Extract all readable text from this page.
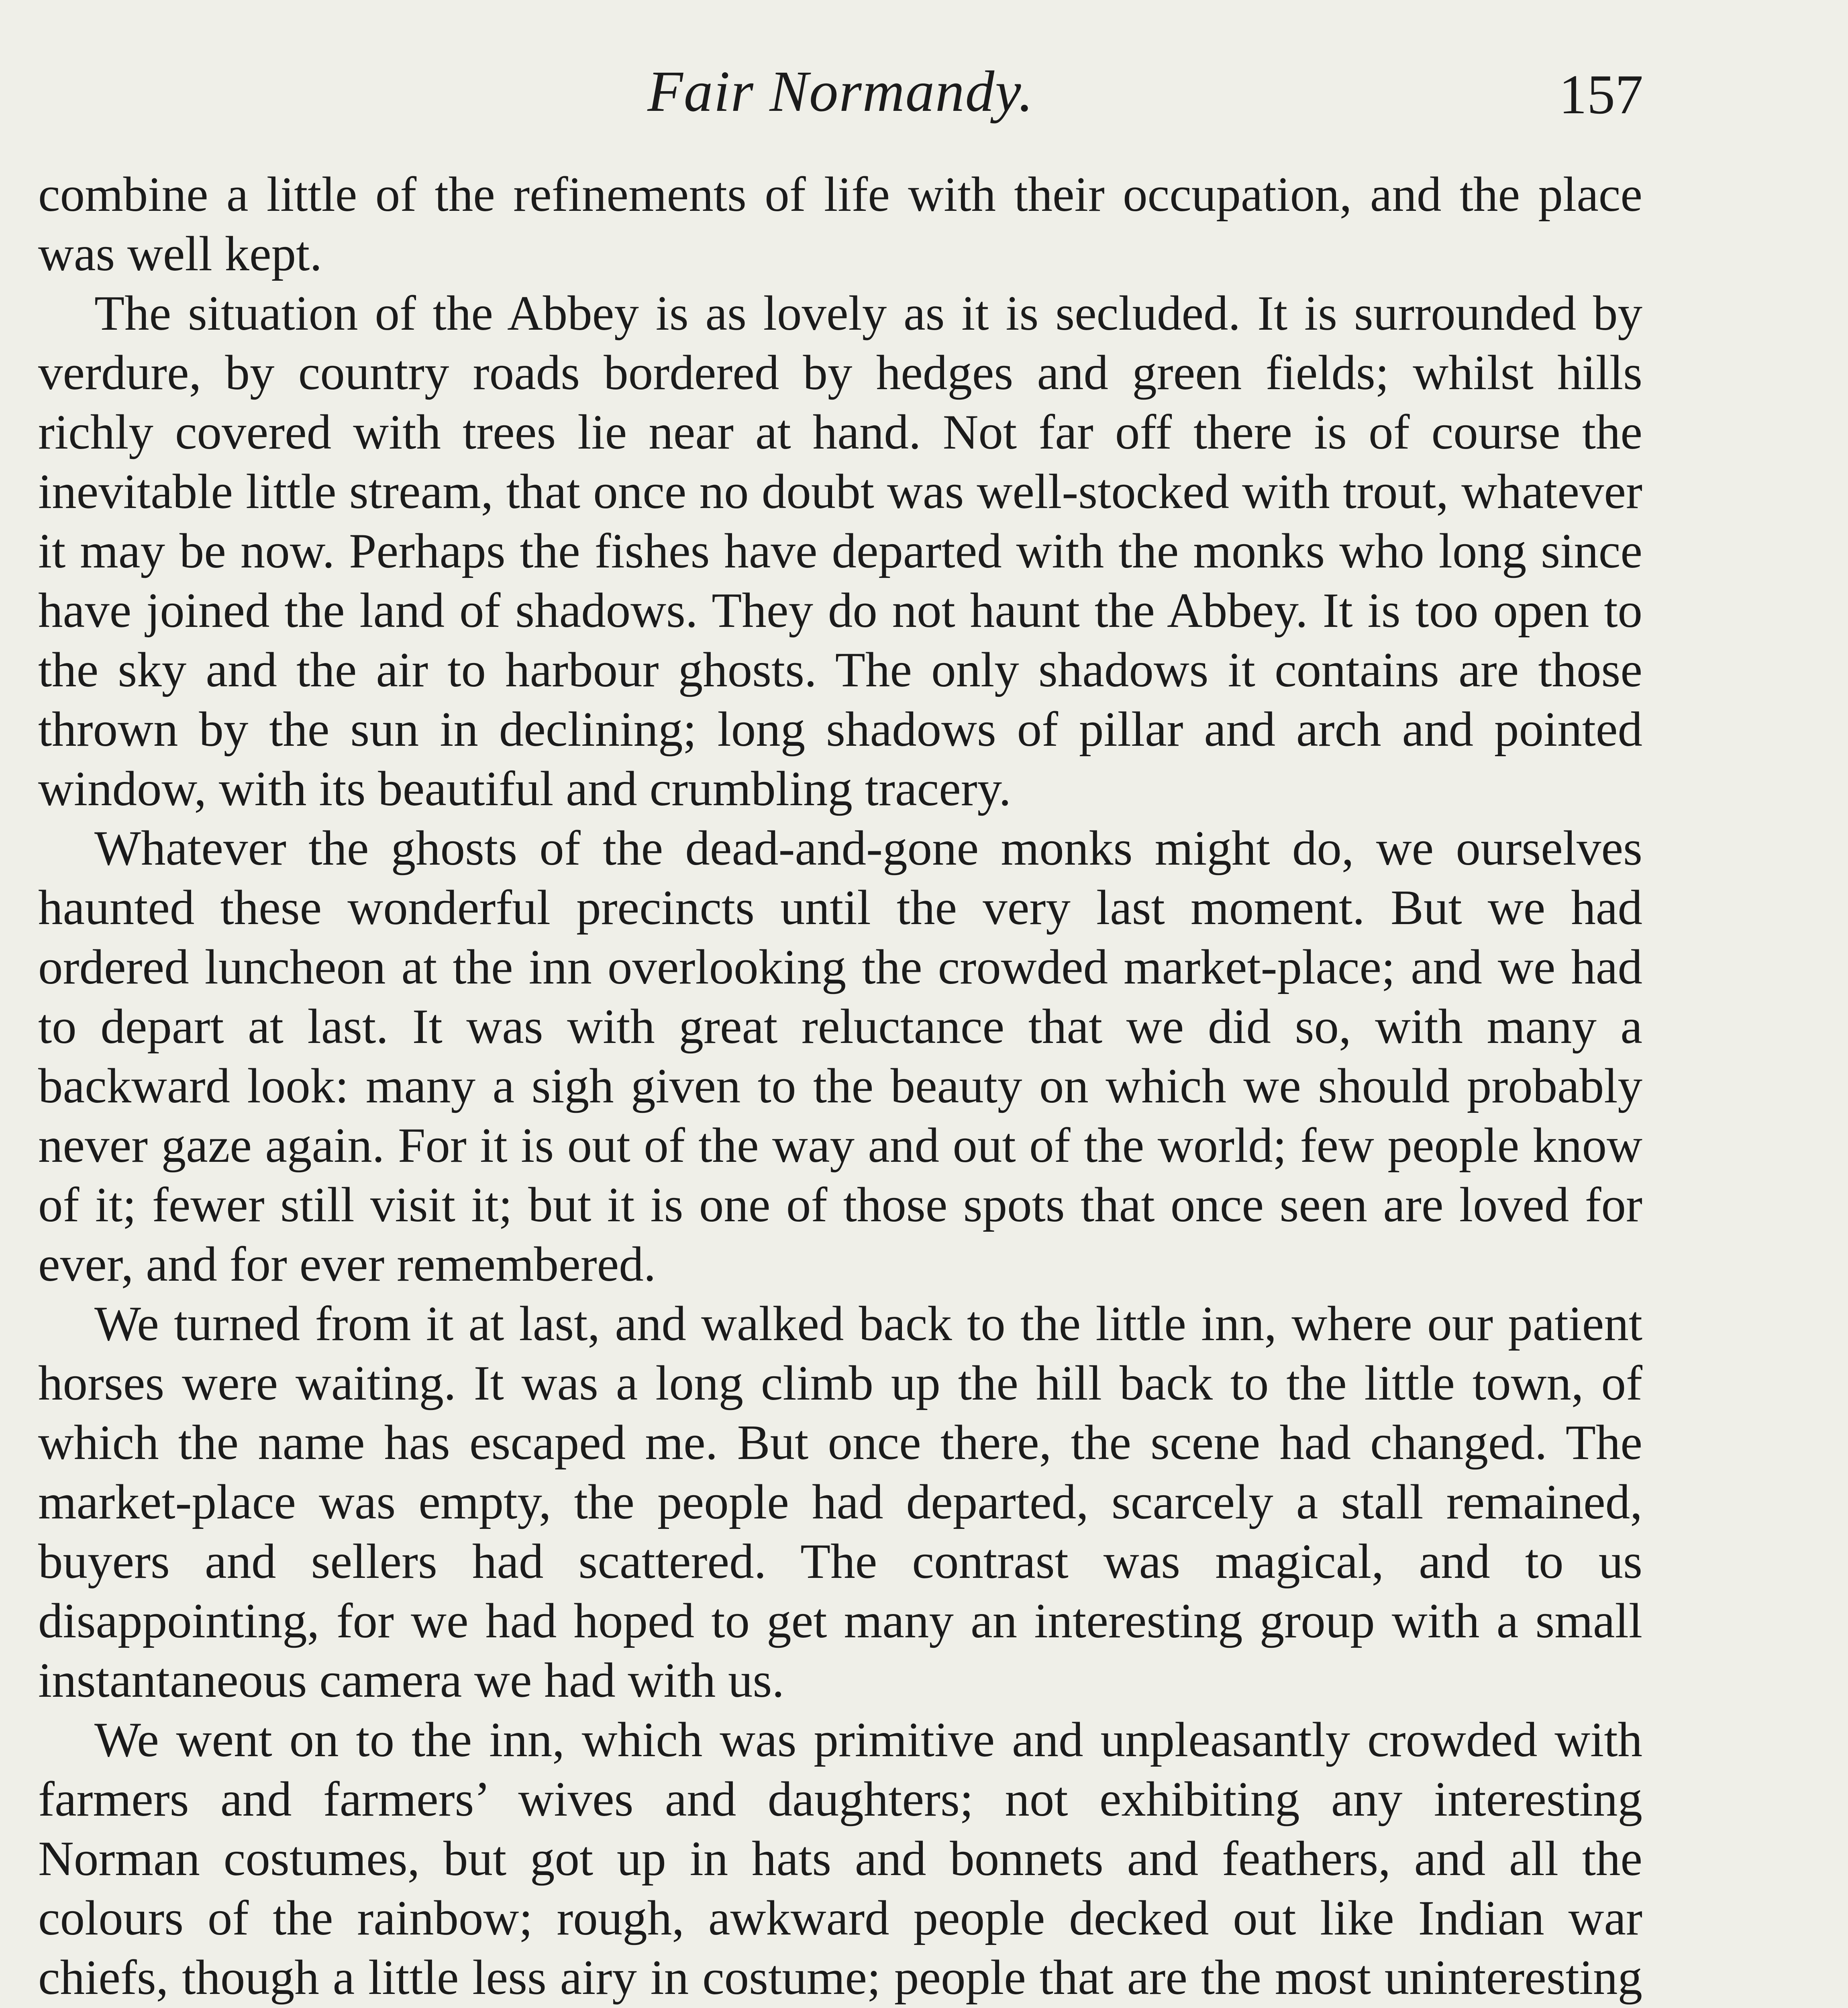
Fair Normandy.	157

combine a little of the refinements of life with their occupation, and the place was well kept.

The situation of the Abbey is as lovely as it is secluded. It is surrounded by verdure, by country roads bordered by hedges and green fields; whilst hills richly covered with trees lie near at hand. Not far off there is of course the inevitable little stream, that once no doubt was well-stocked with trout, whatever it may be now. Perhaps the fishes have departed with the monks who long since have joined the land of shadows. They do not haunt the Abbey. It is too open to the sky and the air to harbour ghosts. The only shadows it contains are those thrown by the sun in declining; long shadows of pillar and arch and pointed window, with its beautiful and crumbling tracery.

Whatever the ghosts of the dead-and-gone monks might do, we ourselves haunted these wonderful precincts until the very last moment. But we had ordered luncheon at the inn overlooking the crowded market-place; and we had to depart at last. It was with great reluctance that we did so, with many a backward look: many a sigh given to the beauty on which we should probably never gaze again. For it is out of the way and out of the world; few people know of it; fewer still visit it; but it is one of those spots that once seen are loved for ever, and for ever remembered.

We turned from it at last, and walked back to the little inn, where our patient horses were waiting. It was a long climb up the hill back to the little town, of which the name has escaped me. But once there, the scene had changed. The market-place was empty, the people had departed, scarcely a stall remained, buyers and sellers had scattered. The contrast was magical, and to us disappointing, for we had hoped to get many an interesting group with a small instantaneous camera we had with us.

We went on to the inn, which was primitive and unpleasantly crowded with farmers and farmers’ wives and daughters; not exhibiting any interesting Norman costumes, but got up in hats and bonnets and feathers, and all the colours of the rainbow; rough, awkward people decked out like Indian war chiefs, though a little less airy in costume; people that are the most uninteresting
